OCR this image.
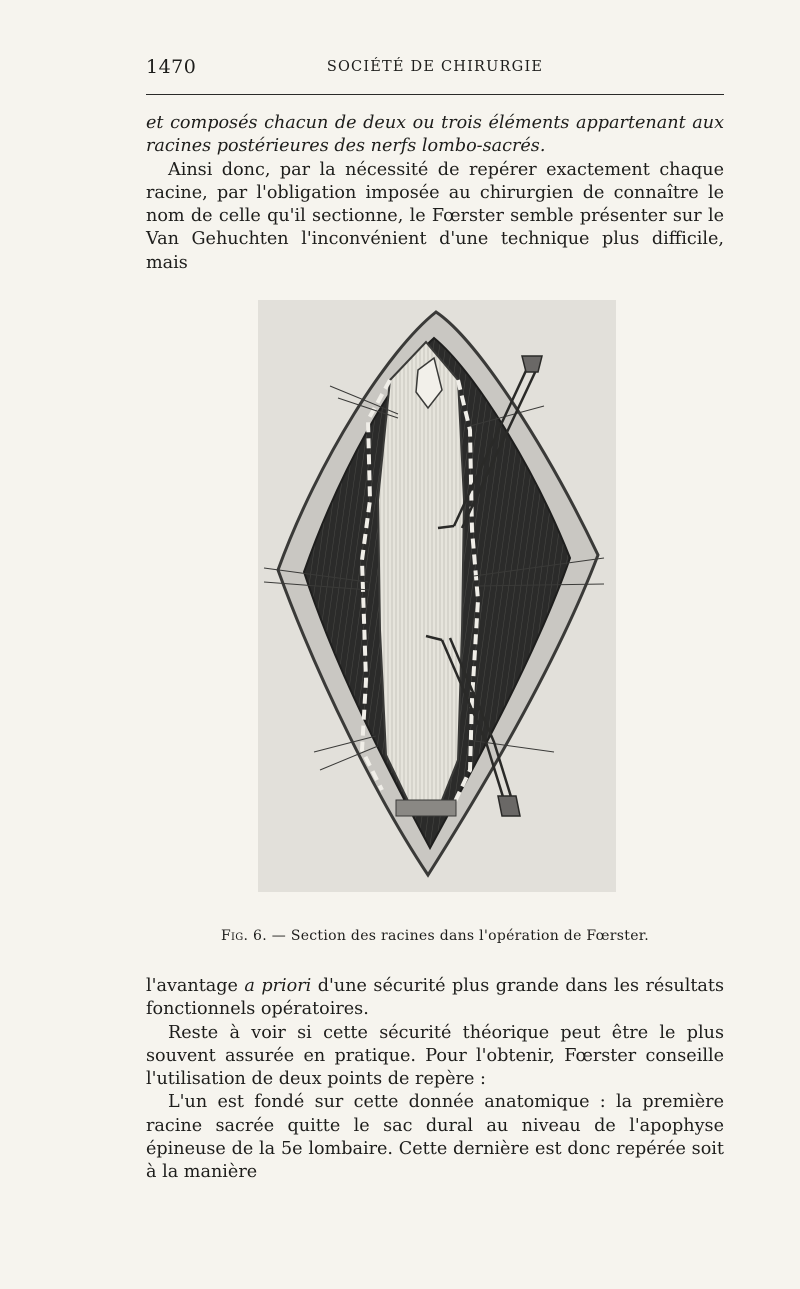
1470	SOCIÉTÉ DE CHIRURGIE

et composés chacun de deux ou trois éléments appartenant aux racines postérieures des nerfs lombo-sacrés.

Ainsi donc, par la nécessité de repérer exactement chaque racine, par l'obligation imposée au chirurgien de connaître le nom de celle qu'il sectionne, le Fœrster semble présenter sur le Van Gehuchten l'inconvénient d'une technique plus difficile, mais

Fig. 6. — Section des racines dans l'opération de Fœrster.

l'avantage a priori d'une sécurité plus grande dans les résultats fonctionnels opératoires.

Reste à voir si cette sécurité théorique peut être le plus souvent assurée en pratique. Pour l'obtenir, Fœrster conseille l'utilisation de deux points de repère :

L'un est fondé sur cette donnée anatomique : la première racine sacrée quitte le sac dural au niveau de l'apophyse épineuse de la 5e lombaire. Cette dernière est donc repérée soit à la manière
